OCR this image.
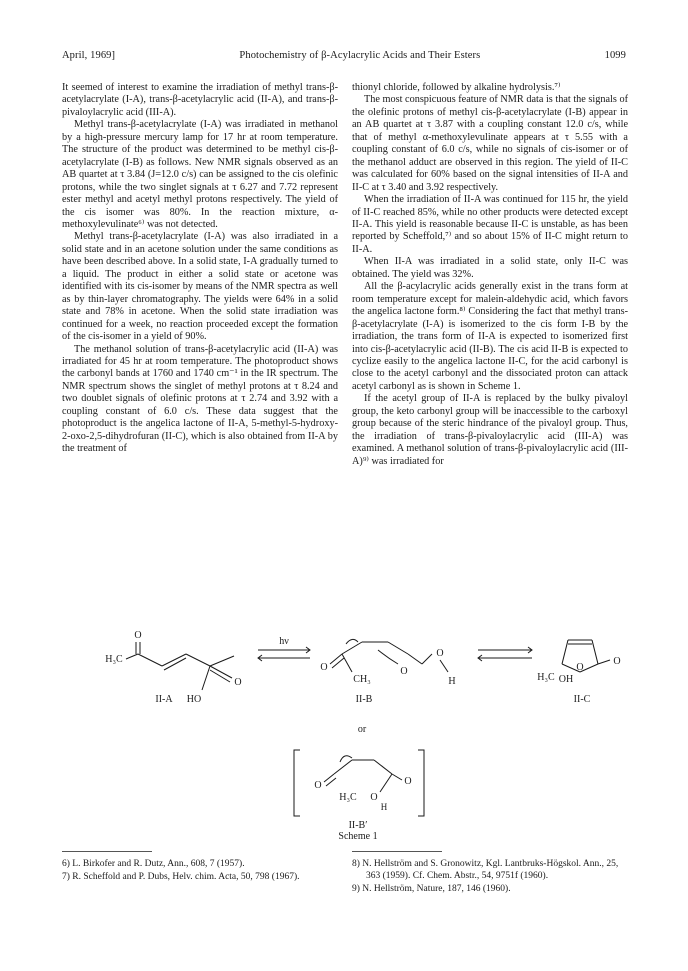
April, 1969]	Photochemistry of β-Acylacrylic Acids and Their Esters	1099

It seemed of interest to examine the irradiation of methyl trans-β-acetylacrylate (I-A), trans-β-acetylacrylic acid (II-A), and trans-β-pivaloylacrylic acid (III-A).

Methyl trans-β-acetylacrylate (I-A) was irradiated in methanol by a high-pressure mercury lamp for 17 hr at room temperature. The structure of the product was determined to be methyl cis-β-acetylacrylate (I-B) as follows. New NMR signals observed as an AB quartet at τ 3.84 (J=12.0 c/s) can be assigned to the cis olefinic protons, while the two singlet signals at τ 6.27 and 7.72 represent ester methyl and acetyl methyl protons respectively. The yield of the cis isomer was 80%. In the reaction mixture, α-methoxylevulinate⁶⁾ was not detected.

Methyl trans-β-acetylacrylate (I-A) was also irradiated in a solid state and in an acetone solution under the same conditions as have been described above. In a solid state, I-A gradually turned to a liquid. The product in either a solid state or acetone was identified with its cis-isomer by means of the NMR spectra as well as by thin-layer chromatography. The yields were 64% in a solid state and 78% in acetone. When the solid state irradiation was continued for a week, no reaction proceeded except the formation of the cis-isomer in a yield of 90%.

The methanol solution of trans-β-acetylacrylic acid (II-A) was irradiated for 45 hr at room temperature. The photoproduct shows the carbonyl bands at 1760 and 1740 cm⁻¹ in the IR spectrum. The NMR spectrum shows the singlet of methyl protons at τ 8.24 and two doublet signals of olefinic protons at τ 2.74 and 3.92 with a coupling constant of 6.0 c/s. These data suggest that the photoproduct is the angelica lactone of II-A, 5-methyl-5-hydroxy-2-oxo-2,5-dihydrofuran (II-C), which is also obtained from II-A by the treatment of

thionyl chloride, followed by alkaline hydrolysis.⁷⁾

The most conspicuous feature of NMR data is that the signals of the olefinic protons of methyl cis-β-acetylacrylate (I-B) appear in an AB quartet at τ 3.87 with a coupling constant 12.0 c/s, while that of methyl α-methoxylevulinate appears at τ 5.55 with a coupling constant of 6.0 c/s, while no signals of cis-isomer or of the methanol adduct are observed in this region. The yield of II-C was calculated for 60% based on the signal intensities of II-A and II-C at τ 3.40 and 3.92 respectively.

When the irradiation of II-A was continued for 115 hr, the yield of II-C reached 85%, while no other products were detected except II-A. This yield is reasonable because II-C is unstable, as has been reported by Scheffold,⁷⁾ and so about 15% of II-C might return to II-A.

When II-A was irradiated in a solid state, only II-C was obtained. The yield was 32%.

All the β-acylacrylic acids generally exist in the trans form at room temperature except for malein-aldehydic acid, which favors the angelica lactone form.⁸⁾ Considering the fact that methyl trans-β-acetylacrylate (I-A) is isomerized to the cis form I-B by the irradiation, the trans form of II-A is expected to isomerized first into cis-β-acetylacrylic acid (II-B). The cis acid II-B is expected to cyclize easily to the angelica lactone II-C, for the acid carbonyl is close to the acetyl carbonyl and the dissociated proton can attack acetyl carbonyl as is shown in Scheme 1.

If the acetyl group of II-A is replaced by the bulky pivaloyl group, the keto carbonyl group will be inaccessible to the carboxyl group because of the steric hindrance of the pivaloyl group. Thus, the irradiation of trans-β-pivaloylacrylic acid (III-A) was examined. A methanol solution of trans-β-pivaloylacrylic acid (III-A)⁹⁾ was irradiated for

O
H₃C
O
HO
II-A
hν
O
CH₃
O
O
H
II-B
O
O
H₃C OH
II-C
or
O	O
O
H
H₃C
II-B′
Scheme 1

6) L. Birkofer and R. Dutz, Ann., 608, 7 (1957).

7) R. Scheffold and P. Dubs, Helv. chim. Acta, 50, 798 (1967).

8) N. Hellström and S. Gronowitz, Kgl. Lantbruks-Högskol. Ann., 25, 363 (1959). Cf. Chem. Abstr., 54, 9751f (1960).

9) N. Hellström, Nature, 187, 146 (1960).
